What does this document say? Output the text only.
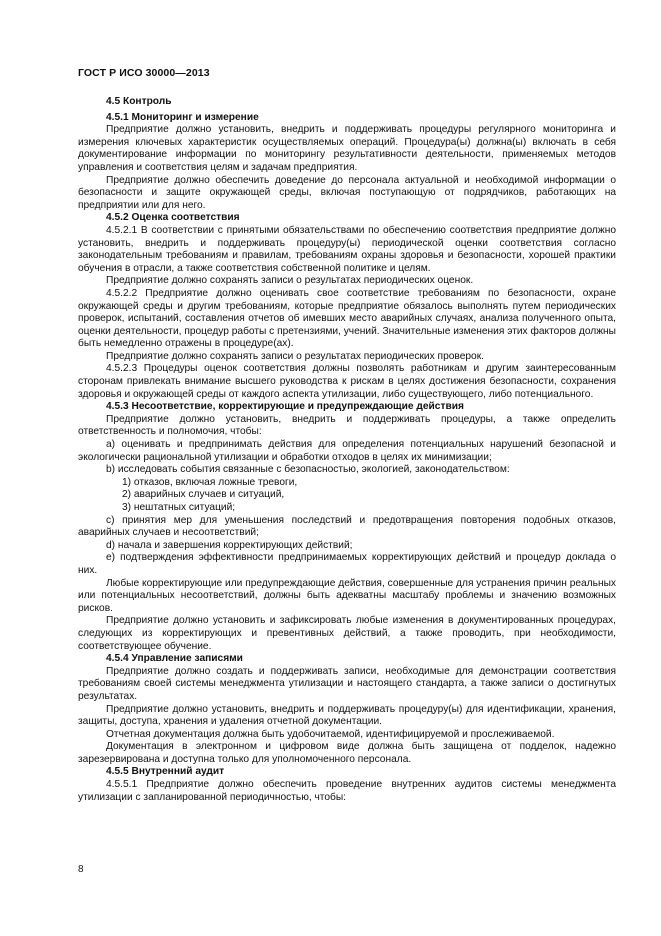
ГОСТ Р ИСО 30000—2013

4.5 Контроль

4.5.1 Мониторинг и измерение

Предприятие должно установить, внедрить и поддерживать процедуры регулярного мониторинга и измерения ключевых характеристик осуществляемых операций. Процедура(ы) должна(ы) включать в себя документирование информации по мониторингу результативности деятельности, применяемых методов управления и соответствия целям и задачам предприятия.

Предприятие должно обеспечить доведение до персонала актуальной и необходимой информации о безопасности и защите окружающей среды, включая поступающую от подрядчиков, работающих на предприятии или для него.

4.5.2 Оценка соответствия

4.5.2.1 В соответствии с принятыми обязательствами по обеспечению соответствия предприятие должно установить, внедрить и поддерживать процедуру(ы) периодической оценки соответствия согласно законодательным требованиям и правилам, требованиям охраны здоровья и безопасности, хорошей практики обучения в отрасли, а также соответствия собственной политике и целям.

Предприятие должно сохранять записи о результатах периодических оценок.

4.5.2.2 Предприятие должно оценивать свое соответствие требованиям по безопасности, охране окружающей среды и другим требованиям, которые предприятие обязалось выполнять путем периодических проверок, испытаний, составления отчетов об имевших место аварийных случаях, анализа полученного опыта, оценки деятельности, процедур работы с претензиями, учений. Значительные изменения этих факторов должны быть немедленно отражены в процедуре(ах).

Предприятие должно сохранять записи о результатах периодических проверок.

4.5.2.3 Процедуры оценок соответствия должны позволять работникам и другим заинтересованным сторонам привлекать внимание высшего руководства к рискам в целях достижения безопасности, сохранения здоровья и окружающей среды от каждого аспекта утилизации, либо существующего, либо потенциального.

4.5.3 Несоответствие, корректирующие и предупреждающие действия

Предприятие должно установить, внедрить и поддерживать процедуры, а также определить ответственность и полномочия, чтобы:

a) оценивать и предпринимать действия для определения потенциальных нарушений безопасной и экологически рациональной утилизации и обработки отходов в целях их минимизации;

b) исследовать события связанные с безопасностью, экологией, законодательством:

1) отказов, включая ложные тревоги,

2) аварийных случаев и ситуаций,

3) нештатных ситуаций;

c) принятия мер для уменьшения последствий и предотвращения повторения подобных отказов, аварийных случаев и несоответствий;

d) начала и завершения корректирующих действий;

e) подтверждения эффективности предпринимаемых корректирующих действий и процедур доклада о них.

Любые корректирующие или предупреждающие действия, совершенные для устранения причин реальных или потенциальных несоответствий, должны быть адекватны масштабу проблемы и значению возможных рисков.

Предприятие должно установить и зафиксировать любые изменения в документированных процедурах, следующих из корректирующих и превентивных действий, а также проводить, при необходимости, соответствующее обучение.

4.5.4 Управление записями

Предприятие должно создать и поддерживать записи, необходимые для демонстрации соответствия требованиям своей системы менеджмента утилизации и настоящего стандарта, а также записи о достигнутых результатах.

Предприятие должно установить, внедрить и поддерживать процедуру(ы) для идентификации, хранения, защиты, доступа, хранения и удаления отчетной документации.

Отчетная документация должна быть удобочитаемой, идентифицируемой и прослеживаемой.

Документация в электронном и цифровом виде должна быть защищена от подделок, надежно зарезервирована и доступна только для уполномоченного персонала.

4.5.5 Внутренний аудит

4.5.5.1 Предприятие должно обеспечить проведение внутренних аудитов системы менеджмента утилизации с запланированной периодичностью, чтобы:

8
